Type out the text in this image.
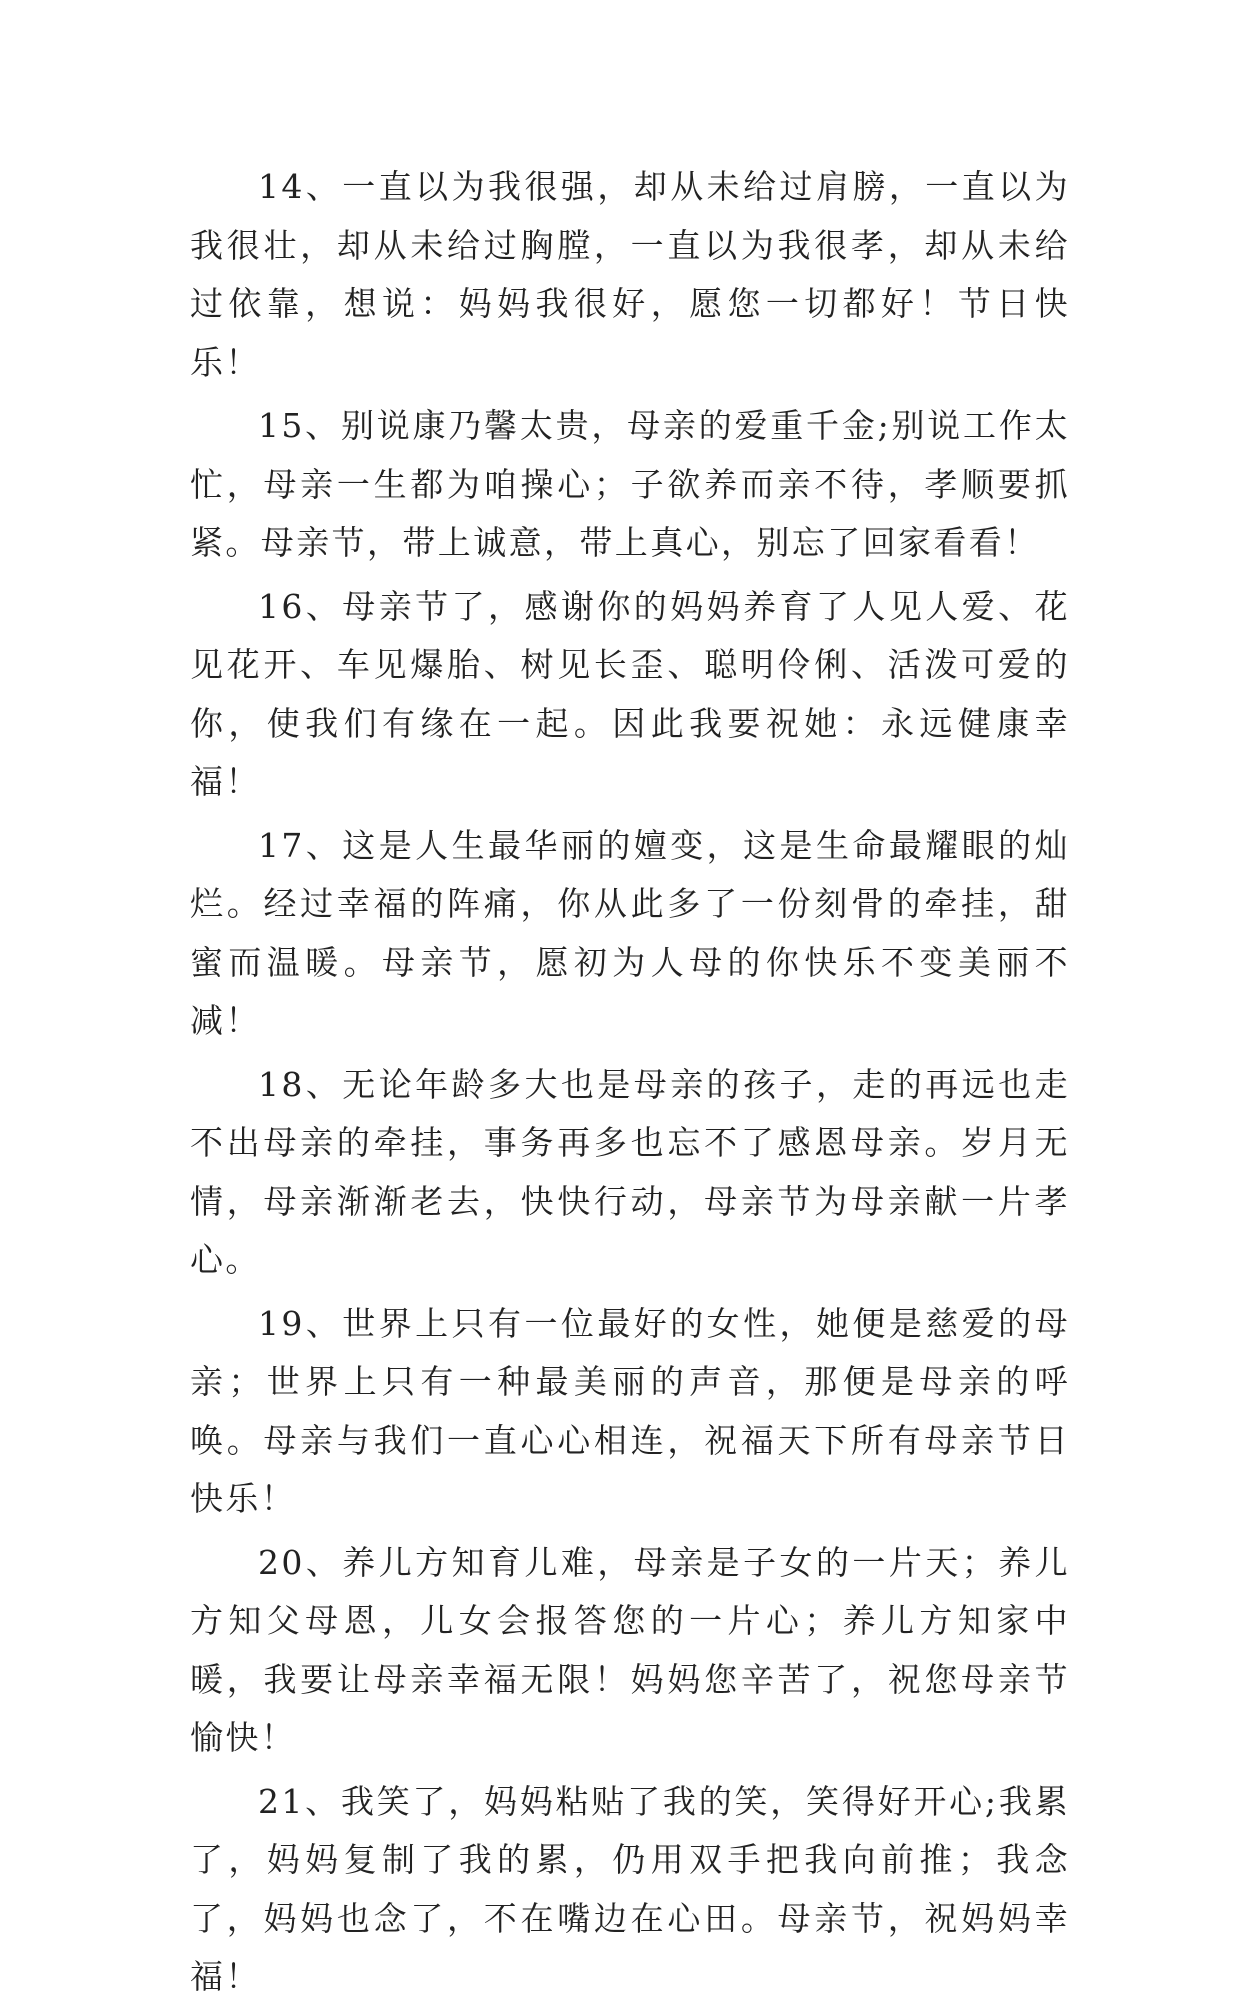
14、一直以为我很强，却从未给过肩膀，一直以为我很壮，却从未给过胸膛，一直以为我很孝，却从未给过依靠，想说：妈妈我很好，愿您一切都好！节日快乐！

15、别说康乃馨太贵，母亲的爱重千金;别说工作太忙，母亲一生都为咱操心；子欲养而亲不待，孝顺要抓紧。母亲节，带上诚意，带上真心，别忘了回家看看！

16、母亲节了，感谢你的妈妈养育了人见人爱、花见花开、车见爆胎、树见长歪、聪明伶俐、活泼可爱的你，使我们有缘在一起。因此我要祝她：永远健康幸福！

17、这是人生最华丽的嬗变，这是生命最耀眼的灿烂。经过幸福的阵痛，你从此多了一份刻骨的牵挂，甜蜜而温暖。母亲节，愿初为人母的你快乐不变美丽不减！

18、无论年龄多大也是母亲的孩子，走的再远也走不出母亲的牵挂，事务再多也忘不了感恩母亲。岁月无情，母亲渐渐老去，快快行动，母亲节为母亲献一片孝心。

19、世界上只有一位最好的女性，她便是慈爱的母亲；世界上只有一种最美丽的声音，那便是母亲的呼唤。母亲与我们一直心心相连，祝福天下所有母亲节日快乐！

20、养儿方知育儿难，母亲是子女的一片天；养儿方知父母恩，儿女会报答您的一片心；养儿方知家中暖，我要让母亲幸福无限！妈妈您辛苦了，祝您母亲节愉快！

21、我笑了，妈妈粘贴了我的笑，笑得好开心;我累了，妈妈复制了我的累，仍用双手把我向前推；我念了，妈妈也念了，不在嘴边在心田。母亲节，祝妈妈幸福！
